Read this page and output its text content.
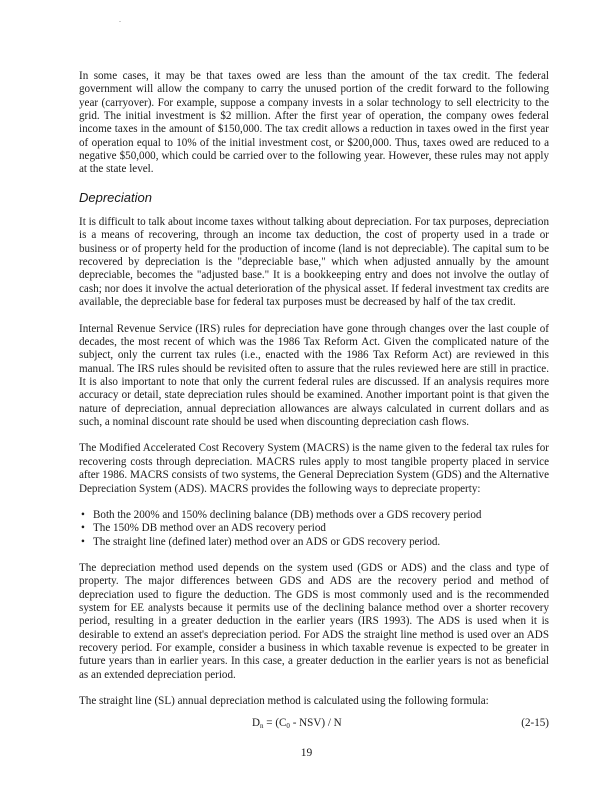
In some cases, it may be that taxes owed are less than the amount of the tax credit. The federal government will allow the company to carry the unused portion of the credit forward to the following year (carryover). For example, suppose a company invests in a solar technology to sell electricity to the grid. The initial investment is $2 million. After the first year of operation, the company owes federal income taxes in the amount of $150,000. The tax credit allows a reduction in taxes owed in the first year of operation equal to 10% of the initial investment cost, or $200,000. Thus, taxes owed are reduced to a negative $50,000, which could be carried over to the following year. However, these rules may not apply at the state level.

Depreciation

It is difficult to talk about income taxes without talking about depreciation. For tax purposes, depreciation is a means of recovering, through an income tax deduction, the cost of property used in a trade or business or of property held for the production of income (land is not depreciable). The capital sum to be recovered by depreciation is the "depreciable base," which when adjusted annually by the amount depreciable, becomes the "adjusted base." It is a bookkeeping entry and does not involve the outlay of cash; nor does it involve the actual deterioration of the physical asset. If federal investment tax credits are available, the depreciable base for federal tax purposes must be decreased by half of the tax credit.

Internal Revenue Service (IRS) rules for depreciation have gone through changes over the last couple of decades, the most recent of which was the 1986 Tax Reform Act. Given the complicated nature of the subject, only the current tax rules (i.e., enacted with the 1986 Tax Reform Act) are reviewed in this manual. The IRS rules should be revisited often to assure that the rules reviewed here are still in practice. It is also important to note that only the current federal rules are discussed. If an analysis requires more accuracy or detail, state depreciation rules should be examined. Another important point is that given the nature of depreciation, annual depreciation allowances are always calculated in current dollars and as such, a nominal discount rate should be used when discounting depreciation cash flows.

The Modified Accelerated Cost Recovery System (MACRS) is the name given to the federal tax rules for recovering costs through depreciation. MACRS rules apply to most tangible property placed in service after 1986. MACRS consists of two systems, the General Depreciation System (GDS) and the Alternative Depreciation System (ADS). MACRS provides the following ways to depreciate property:

• Both the 200% and 150% declining balance (DB) methods over a GDS recovery period
• The 150% DB method over an ADS recovery period
• The straight line (defined later) method over an ADS or GDS recovery period.

The depreciation method used depends on the system used (GDS or ADS) and the class and type of property. The major differences between GDS and ADS are the recovery period and method of depreciation used to figure the deduction. The GDS is most commonly used and is the recommended system for EE analysts because it permits use of the declining balance method over a shorter recovery period, resulting in a greater deduction in the earlier years (IRS 1993). The ADS is used when it is desirable to extend an asset's depreciation period. For ADS the straight line method is used over an ADS recovery period. For example, consider a business in which taxable revenue is expected to be greater in future years than in earlier years. In this case, a greater deduction in the earlier years is not as beneficial as an extended depreciation period.

The straight line (SL) annual depreciation method is calculated using the following formula:

$D_n = (C_0 - NSV) / N$	(2-15)
19
